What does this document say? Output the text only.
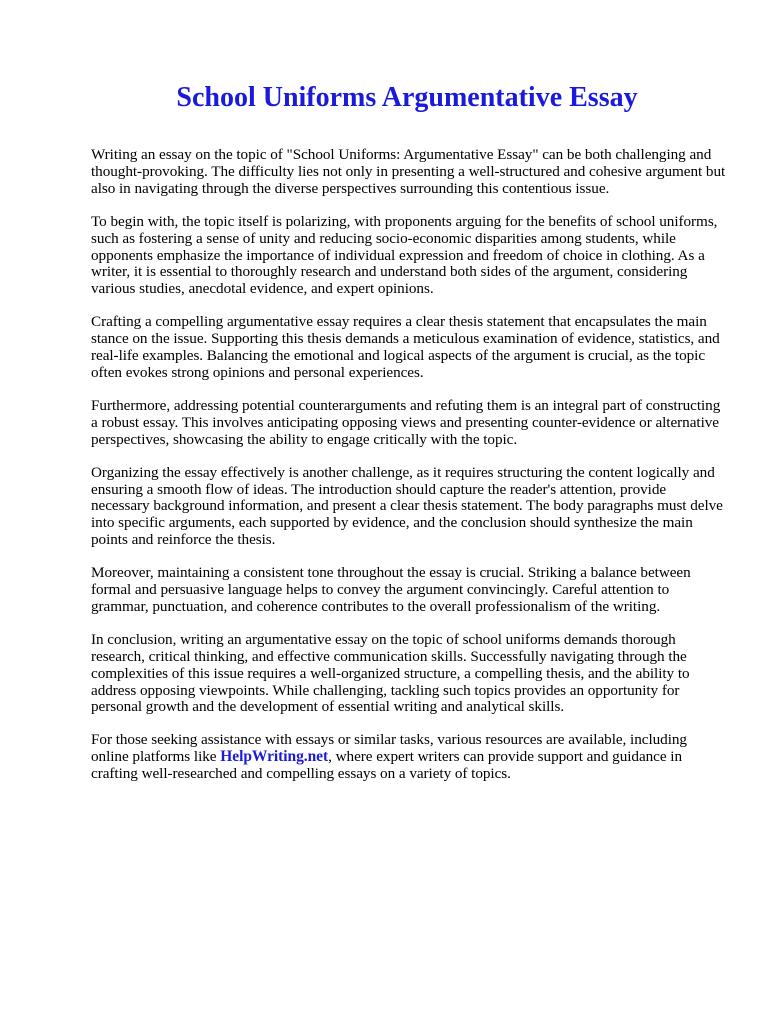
School Uniforms Argumentative Essay

Writing an essay on the topic of "School Uniforms: Argumentative Essay" can be both challenging and thought-provoking. The difficulty lies not only in presenting a well-structured and cohesive argument but also in navigating through the diverse perspectives surrounding this contentious issue.

To begin with, the topic itself is polarizing, with proponents arguing for the benefits of school uniforms, such as fostering a sense of unity and reducing socio-economic disparities among students, while opponents emphasize the importance of individual expression and freedom of choice in clothing. As a writer, it is essential to thoroughly research and understand both sides of the argument, considering various studies, anecdotal evidence, and expert opinions.

Crafting a compelling argumentative essay requires a clear thesis statement that encapsulates the main stance on the issue. Supporting this thesis demands a meticulous examination of evidence, statistics, and real-life examples. Balancing the emotional and logical aspects of the argument is crucial, as the topic often evokes strong opinions and personal experiences.

Furthermore, addressing potential counterarguments and refuting them is an integral part of constructing a robust essay. This involves anticipating opposing views and presenting counter-evidence or alternative perspectives, showcasing the ability to engage critically with the topic.

Organizing the essay effectively is another challenge, as it requires structuring the content logically and ensuring a smooth flow of ideas. The introduction should capture the reader's attention, provide necessary background information, and present a clear thesis statement. The body paragraphs must delve into specific arguments, each supported by evidence, and the conclusion should synthesize the main points and reinforce the thesis.

Moreover, maintaining a consistent tone throughout the essay is crucial. Striking a balance between formal and persuasive language helps to convey the argument convincingly. Careful attention to grammar, punctuation, and coherence contributes to the overall professionalism of the writing.

In conclusion, writing an argumentative essay on the topic of school uniforms demands thorough research, critical thinking, and effective communication skills. Successfully navigating through the complexities of this issue requires a well-organized structure, a compelling thesis, and the ability to address opposing viewpoints. While challenging, tackling such topics provides an opportunity for personal growth and the development of essential writing and analytical skills.

For those seeking assistance with essays or similar tasks, various resources are available, including online platforms like HelpWriting.net, where expert writers can provide support and guidance in crafting well-researched and compelling essays on a variety of topics.
